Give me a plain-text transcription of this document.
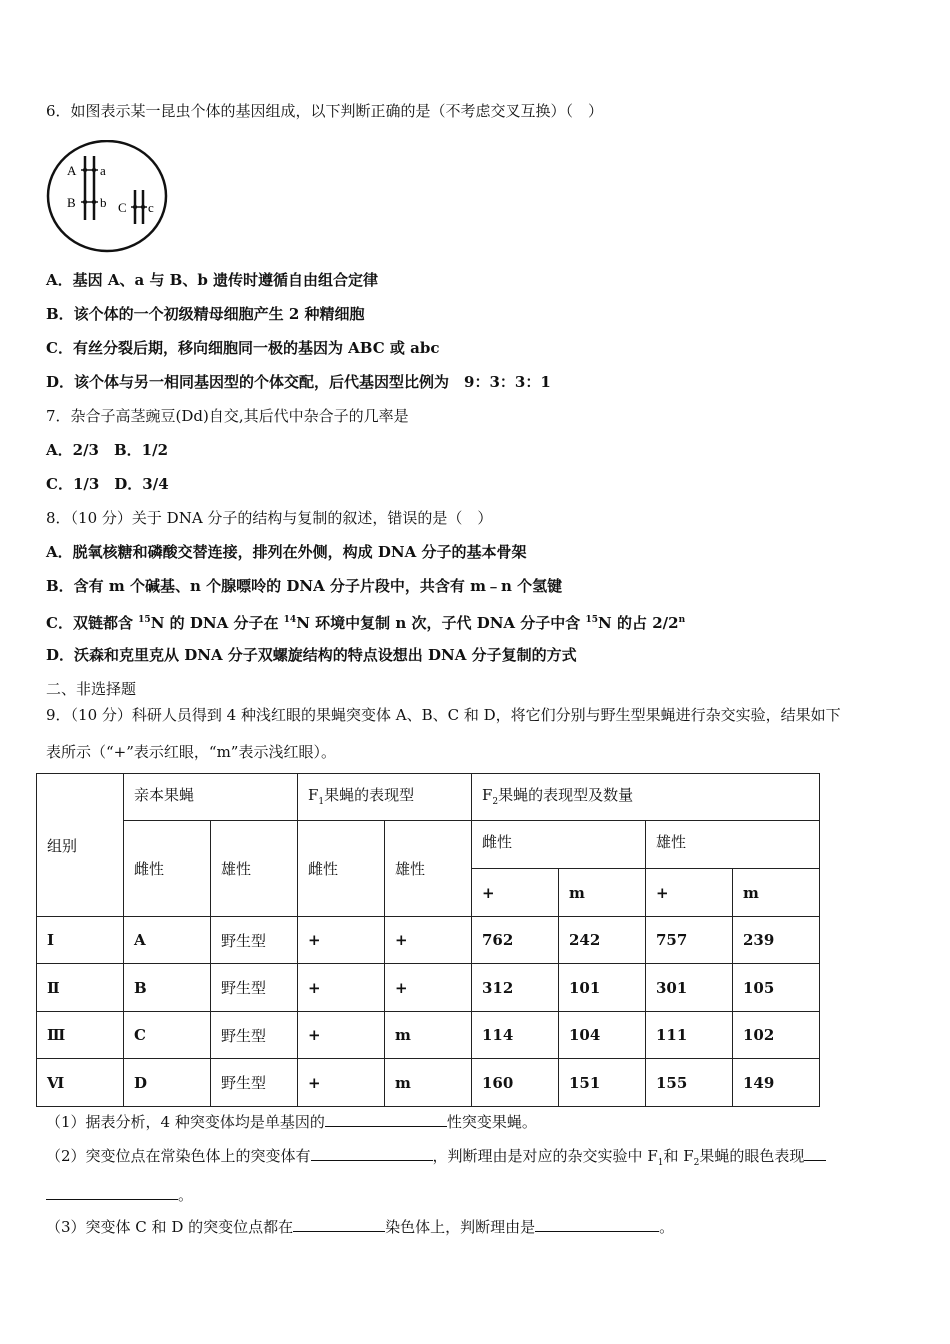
6．如图表示某一昆虫个体的基因组成，以下判断正确的是（不考虑交叉互换）（　）
A a
B b C c
A．基因 A、a 与 B、b 遗传时遵循自由组合定律
B．该个体的一个初级精母细胞产生 2 种精细胞
C．有丝分裂后期，移向细胞同一极的基因为 ABC 或 abc
D．该个体与另一相同基因型的个体交配，后代基因型比例为　9：3：3：1
7．杂合子高茎豌豆(Dd)自交,其后代中杂合子的几率是
A．2/3　B．1/2
C．1/3　D．3/4
8．（10 分）关于 DNA 分子的结构与复制的叙述，错误的是（　）
A．脱氧核糖和磷酸交替连接，排列在外侧，构成 DNA 分子的基本骨架
B．含有 m 个碱基、n 个腺嘌呤的 DNA 分子片段中，共含有 m﹣n 个氢键
C．双链都含 $^{15}$N 的 DNA 分子在 $^{14}$N 环境中复制 n 次，子代 DNA 分子中含 $^{15}$N 的占 2/2$^n$
D．沃森和克里克从 DNA 分子双螺旋结构的特点设想出 DNA 分子复制的方式
二、非选择题
9．（10 分）科研人员得到 4 种浅红眼的果蝇突变体 A、B、C 和 D，将它们分别与野生型果蝇进行杂交实验，结果如下
表所示（“+”表示红眼，“m”表示浅红眼）。
组别	亲本果蝇		$F_1$果蝇的表现型		$F_2$果蝇的表现型及数量			
	雌性	雄性	雌性	雄性	雌性		雄性	
					+	m	+	m
Ⅰ	A	野生型	+	+	762	242	757	239
Ⅱ	B	野生型	+	+	312	101	301	105
Ⅲ	C	野生型	+	m	114	104	111	102
Ⅵ	D	野生型	+	m	160	151	155	149
（1）据表分析，4 种突变体均是单基因的	性突变果蝇。
（2）突变位点在常染色体上的突变体有	，判断理由是对应的杂交实验中 $F_1$和 $F_2$果蝇的眼色表现
。
（3）突变体 C 和 D 的突变位点都在	染色体上，判断理由是	。
